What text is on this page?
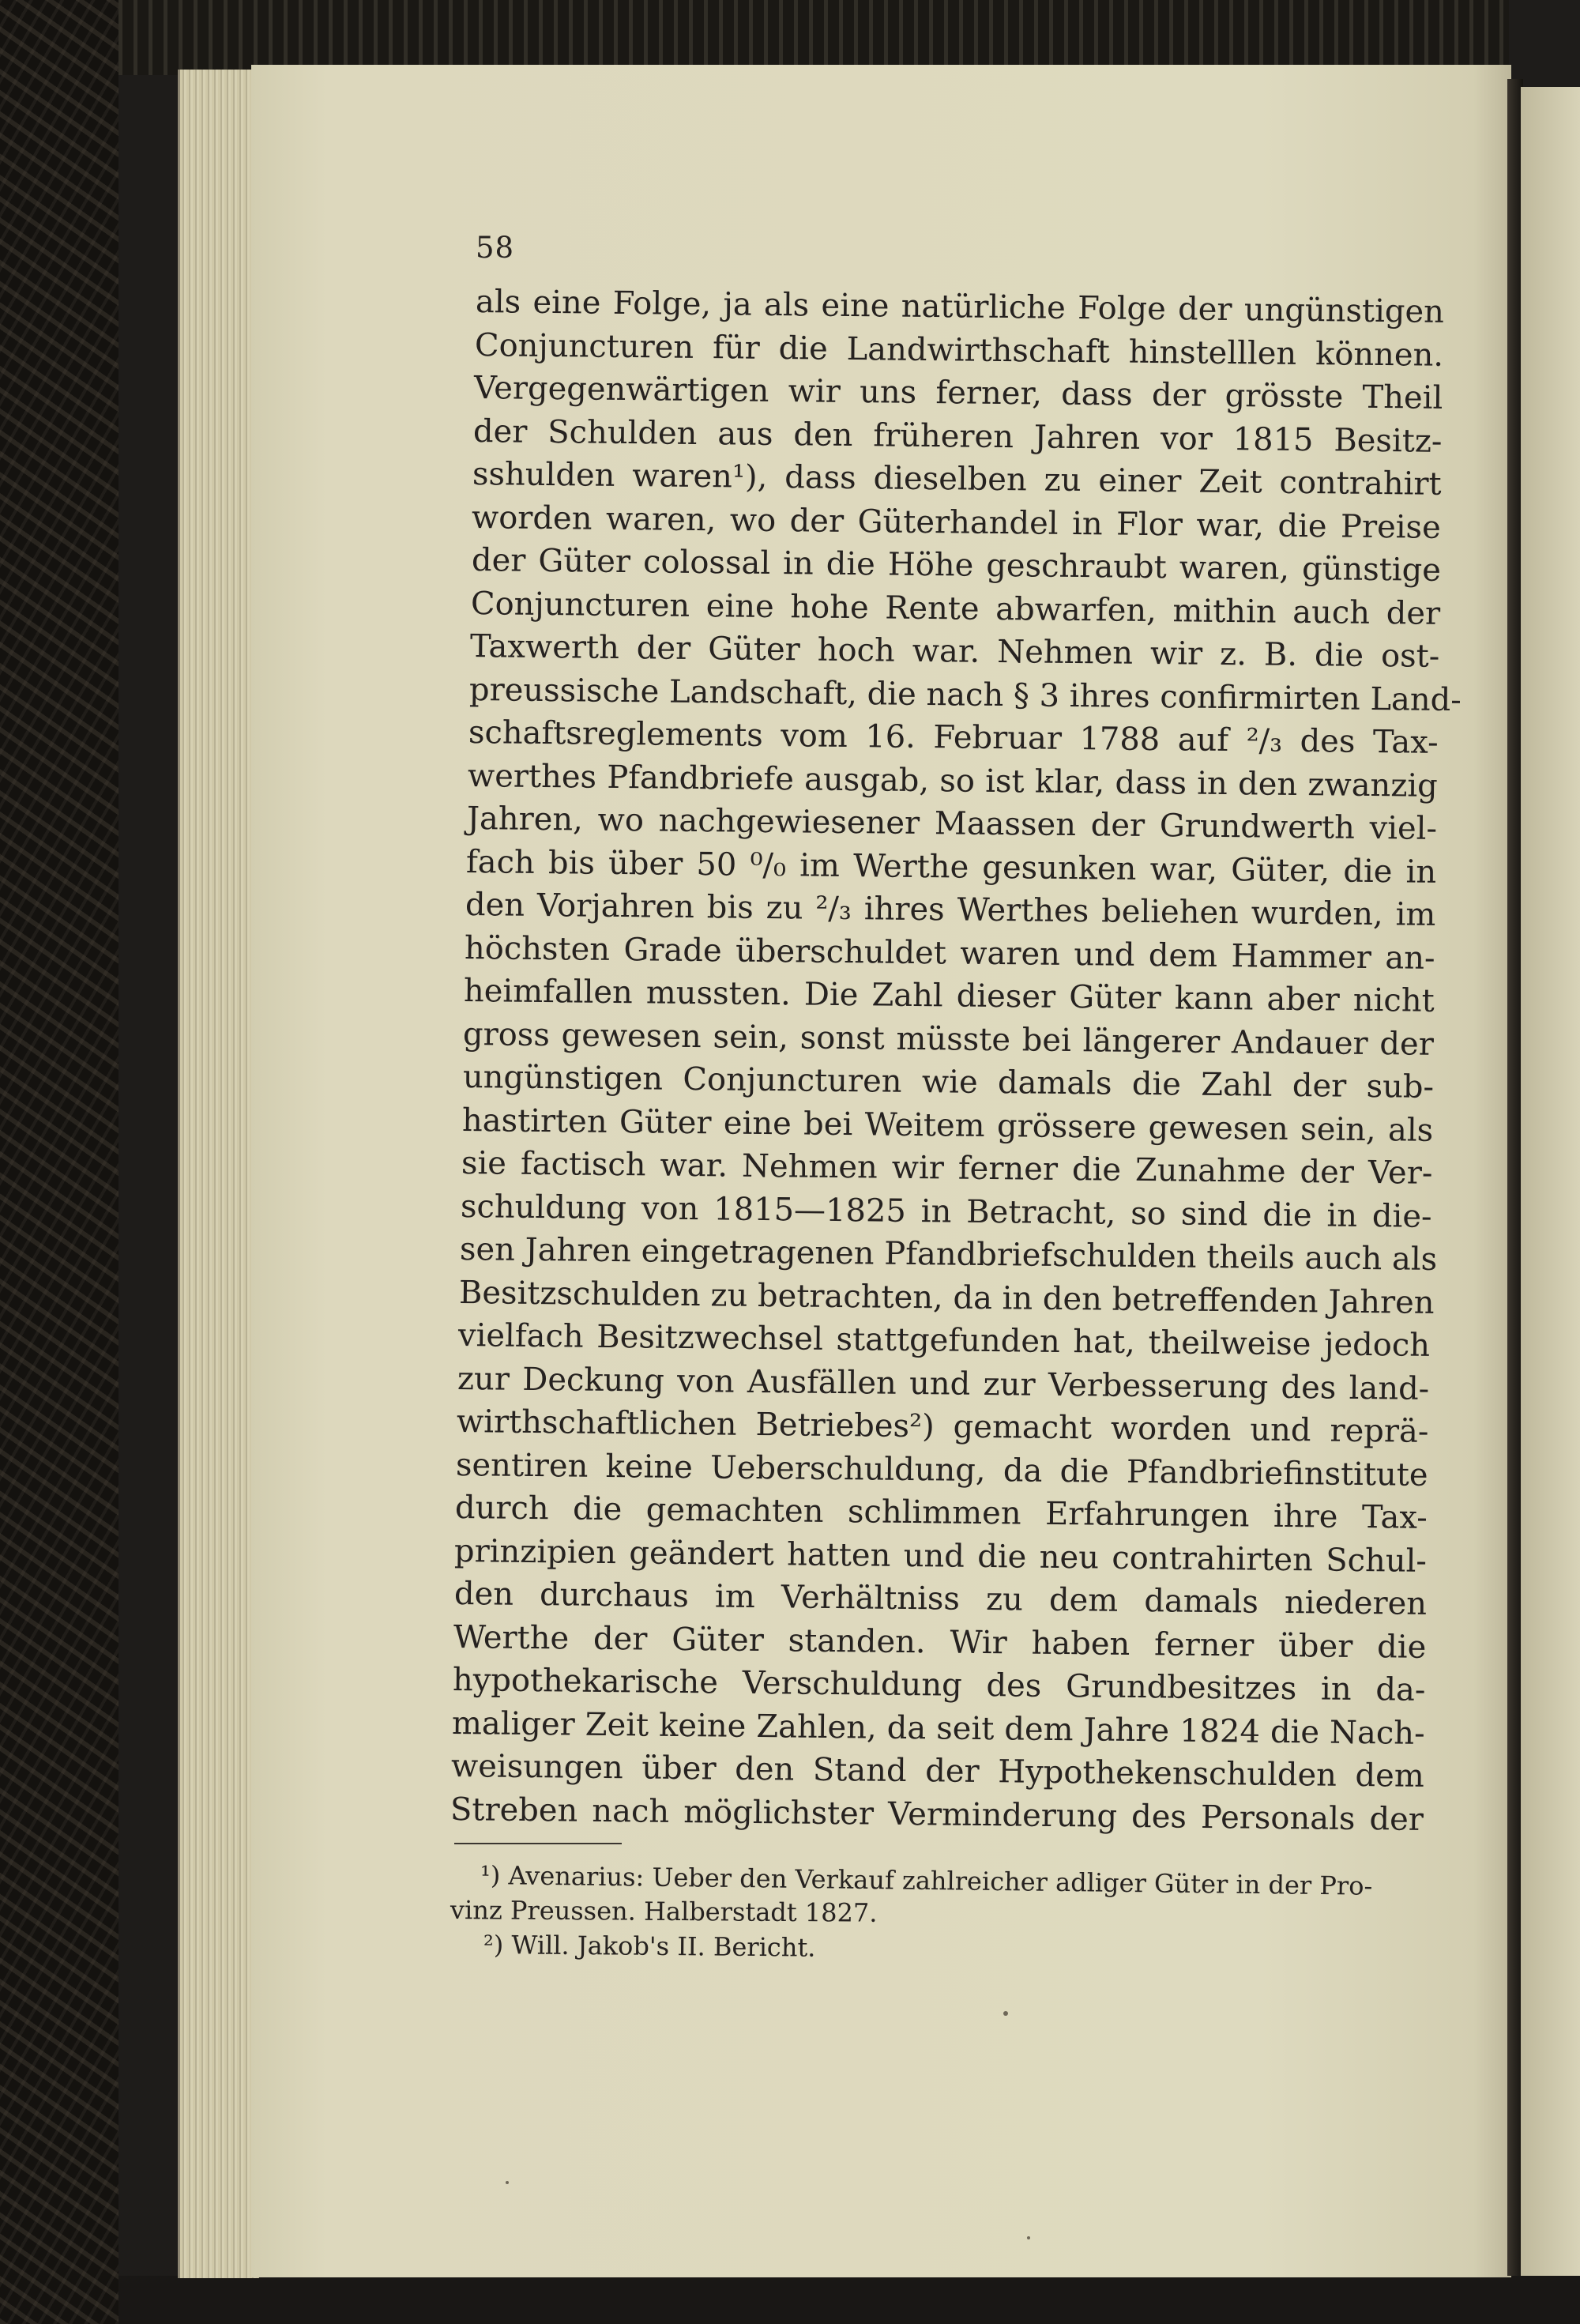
58
als eine Folge, ja als eine natürliche Folge der ungünstigen
Conjuncturen für die Landwirthschaft hinstelllen können.
Vergegenwärtigen wir uns ferner, dass der grösste Theil
der Schulden aus den früheren Jahren vor 1815 Besitz-
sshulden waren¹), dass dieselben zu einer Zeit contrahirt
worden waren, wo der Güterhandel in Flor war, die Preise
der Güter colossal in die Höhe geschraubt waren, günstige
Conjuncturen eine hohe Rente abwarfen, mithin auch der
Taxwerth der Güter hoch war. Nehmen wir z. B. die ost-
preussische Landschaft, die nach § 3 ihres confirmirten Land-
schaftsreglements vom 16. Februar 1788 auf ²/₃ des Tax-
werthes Pfandbriefe ausgab, so ist klar, dass in den zwanzig
Jahren, wo nachgewiesener Maassen der Grundwerth viel-
fach bis über 50 ⁰/₀ im Werthe gesunken war, Güter, die in
den Vorjahren bis zu ²/₃ ihres Werthes beliehen wurden, im
höchsten Grade überschuldet waren und dem Hammer an-
heimfallen mussten. Die Zahl dieser Güter kann aber nicht
gross gewesen sein, sonst müsste bei längerer Andauer der
ungünstigen Conjuncturen wie damals die Zahl der sub-
hastirten Güter eine bei Weitem grössere gewesen sein, als
sie factisch war. Nehmen wir ferner die Zunahme der Ver-
schuldung von 1815—1825 in Betracht, so sind die in die-
sen Jahren eingetragenen Pfandbriefschulden theils auch als
Besitzschulden zu betrachten, da in den betreffenden Jahren
vielfach Besitzwechsel stattgefunden hat, theilweise jedoch
zur Deckung von Ausfällen und zur Verbesserung des land-
wirthschaftlichen Betriebes²) gemacht worden und reprä-
sentiren keine Ueberschuldung, da die Pfandbriefinstitute
durch die gemachten schlimmen Erfahrungen ihre Tax-
prinzipien geändert hatten und die neu contrahirten Schul-
den durchaus im Verhältniss zu dem damals niederen
Werthe der Güter standen. Wir haben ferner über die
hypothekarische Verschuldung des Grundbesitzes in da-
maliger Zeit keine Zahlen, da seit dem Jahre 1824 die Nach-
weisungen über den Stand der Hypothekenschulden dem
Streben nach möglichster Verminderung des Personals der
¹) Avenarius: Ueber den Verkauf zahlreicher adliger Güter in der Pro-
vinz Preussen. Halberstadt 1827.
²) Will. Jakob's II. Bericht.
